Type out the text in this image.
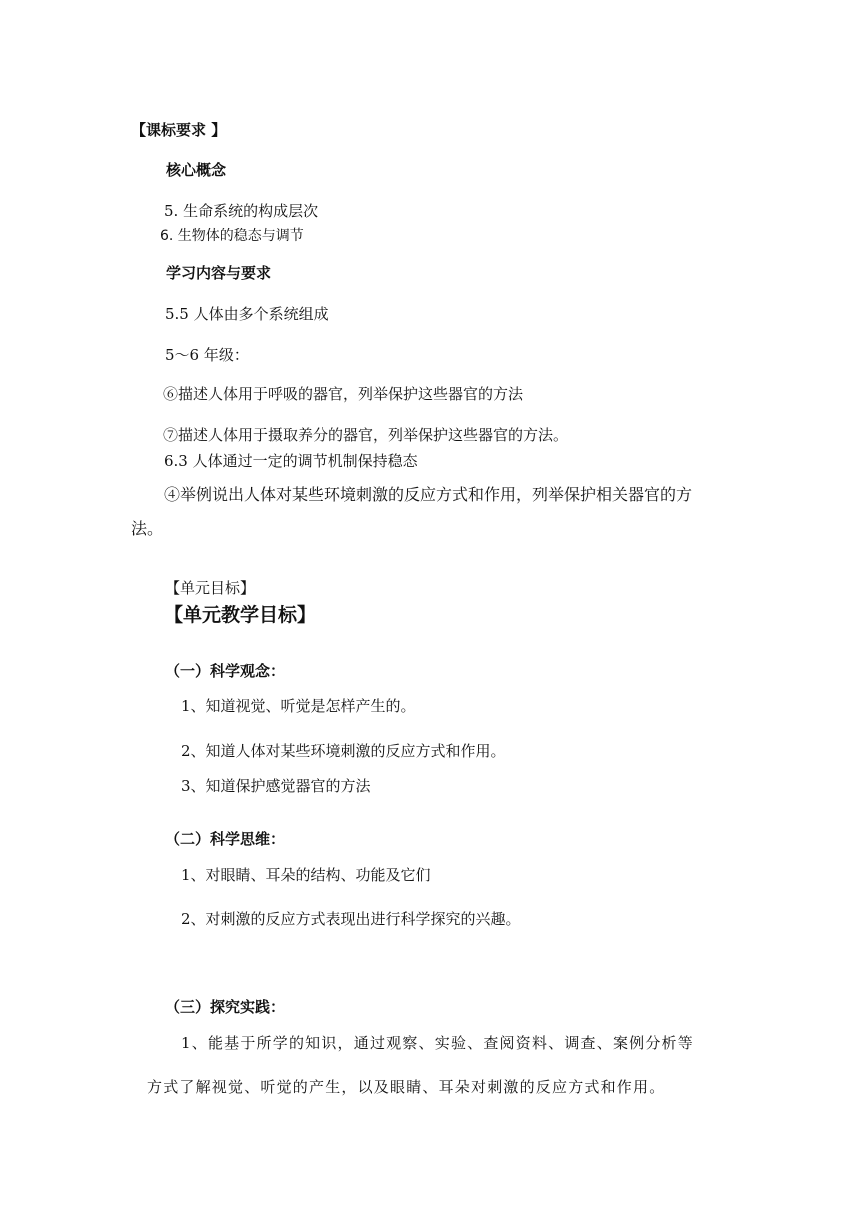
【课标要求 】

核心概念

5. 生命系统的构成层次

6. 生物体的稳态与调节

学习内容与要求

5.5 人体由多个系统组成

5～6 年级：

⑥描述人体用于呼吸的器官，列举保护这些器官的方法

⑦描述人体用于摄取养分的器官，列举保护这些器官的方法。

6.3 人体通过一定的调节机制保持稳态

④举例说出人体对某些环境刺激的反应方式和作用，列举保护相关器官的方

法。

【单元目标】

【单元教学目标】

（一）科学观念：

1、知道视觉、听觉是怎样产生的。

2、知道人体对某些环境刺激的反应方式和作用。

3、知道保护感觉器官的方法

（二）科学思维：

1、对眼睛、耳朵的结构、功能及它们

2、对刺激的反应方式表现出进行科学探究的兴趣。

（三）探究实践：

1、能基于所学的知识，通过观察、实验、查阅资料、调查、案例分析等

方式了解视觉、听觉的产生，以及眼睛、耳朵对刺激的反应方式和作用。
